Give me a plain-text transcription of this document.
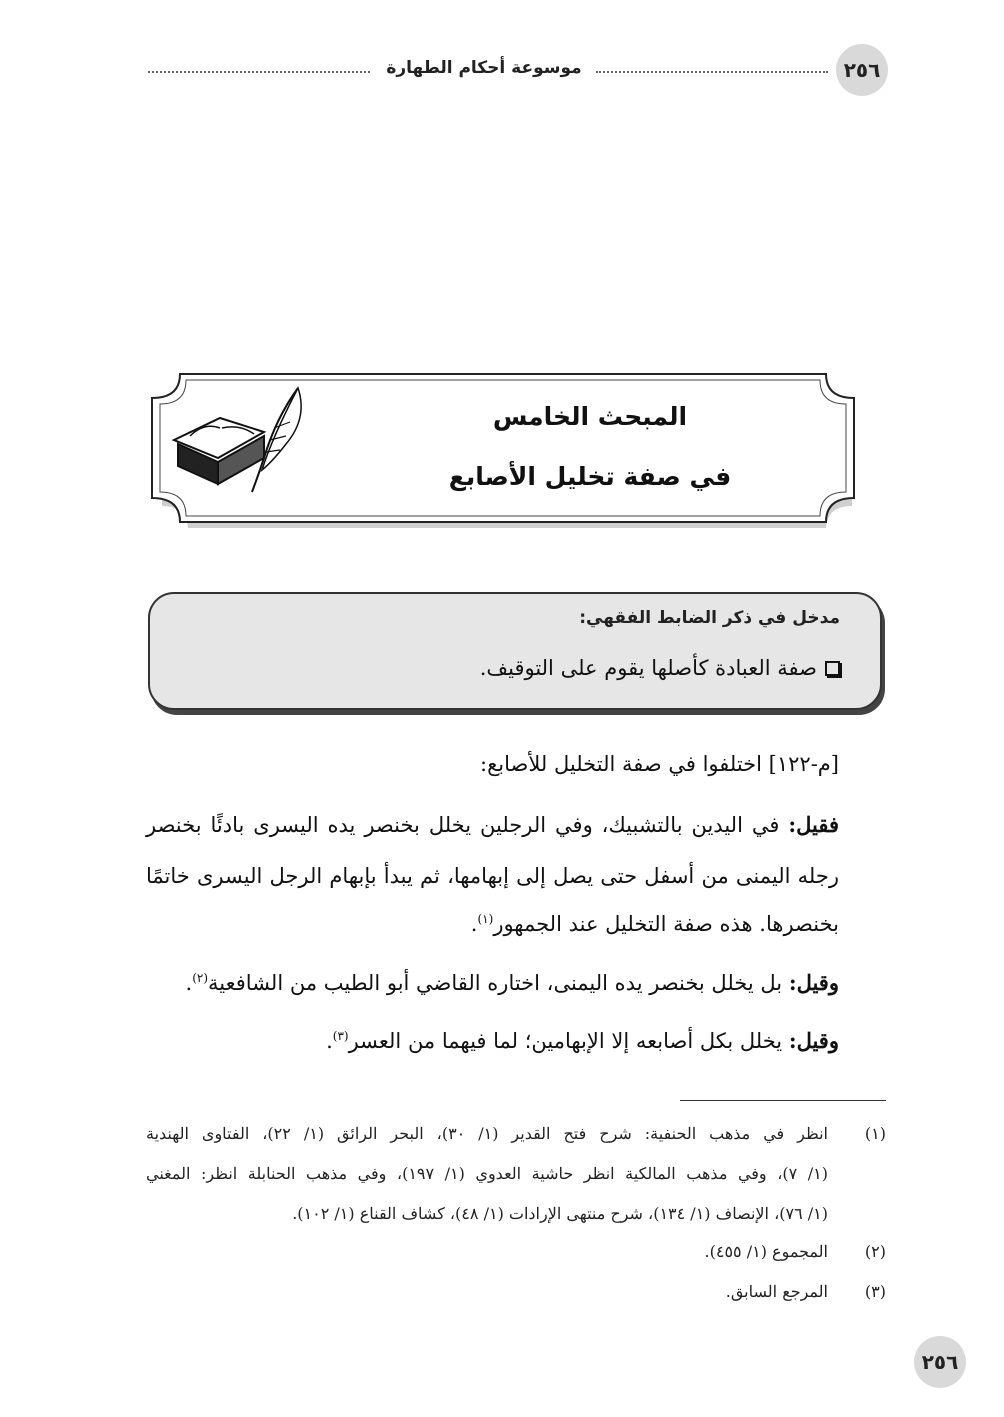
٢٥٦
موسوعة أحكام الطهارة
المبحث الخامس
في صفة تخليل الأصابع
مدخل في ذكر الضابط الفقهي:
صفة العبادة كأصلها يقوم على التوقيف.
[م-١٢٢] اختلفوا في صفة التخليل للأصابع:
فقيل: في اليدين بالتشبيك، وفي الرجلين يخلل بخنصر يده اليسرى بادئًا بخنصر
رجله اليمنى من أسفل حتى يصل إلى إبهامها، ثم يبدأ بإبهام الرجل اليسرى خاتمًا
بخنصرها. هذه صفة التخليل عند الجمهور$^{(١)}$.
وقيل: بل يخلل بخنصر يده اليمنى، اختاره القاضي أبو الطيب من الشافعية$^{(٢)}$.
وقيل: يخلل بكل أصابعه إلا الإبهامين؛ لما فيهما من العسر$^{(٣)}$.
(١)
انظر في مذهب الحنفية: شرح فتح القدير (١/ ٣٠)، البحر الرائق (١/ ٢٢)، الفتاوى الهندية
(١/ ٧)، وفي مذهب المالكية انظر حاشية العدوي (١/ ١٩٧)، وفي مذهب الحنابلة انظر: المغني
(١/ ٧٦)، الإنصاف (١/ ١٣٤)، شرح منتهى الإرادات (١/ ٤٨)، كشاف القناع (١/ ١٠٢).
(٢)
المجموع (١/ ٤٥٥).
(٣)
المرجع السابق.
٢٥٦
